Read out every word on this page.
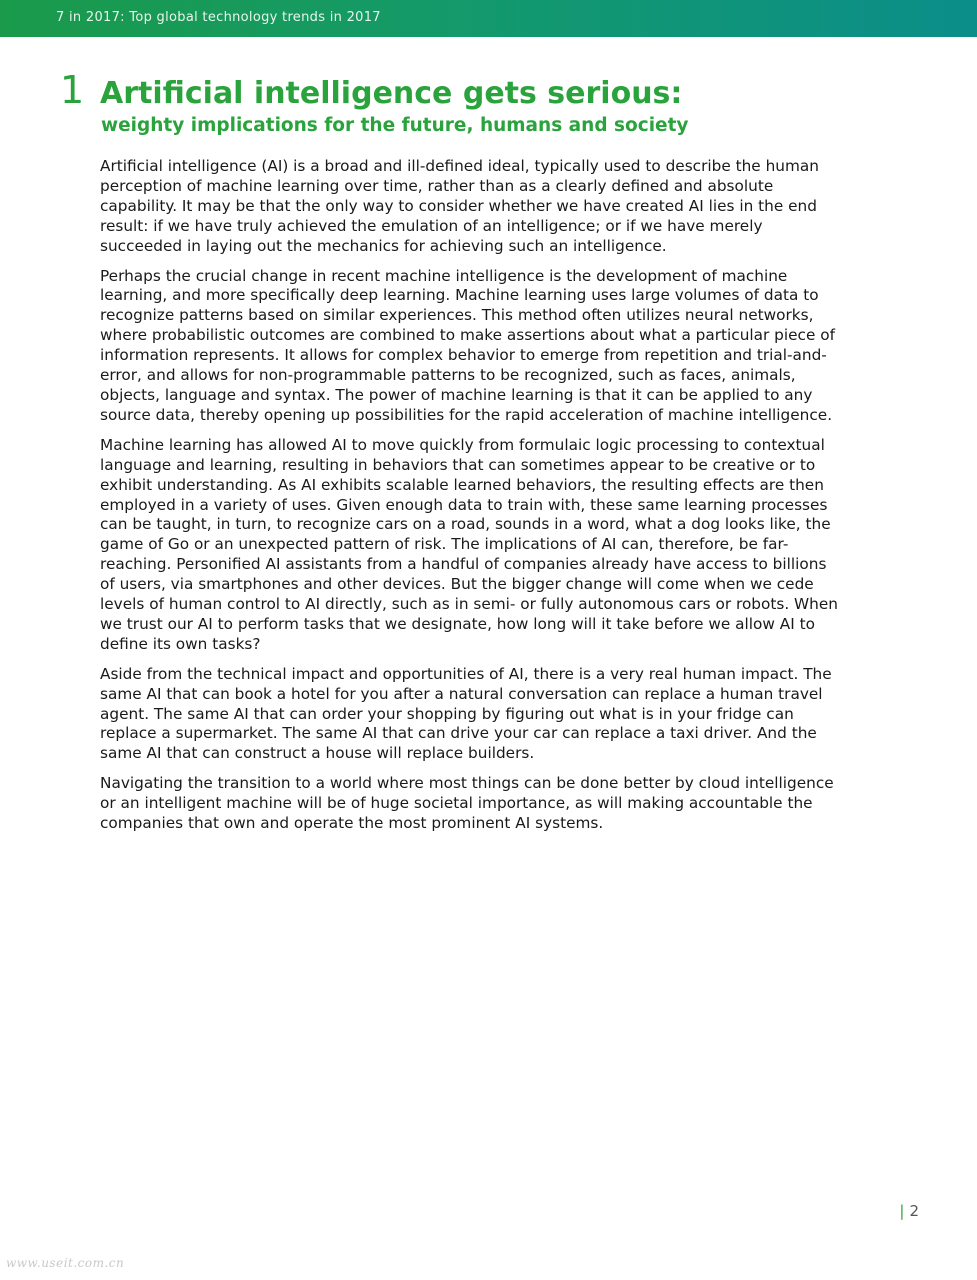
7 in 2017: Top global technology trends in 2017
1 Artificial intelligence gets serious:
weighty implications for the future, humans and society

Artificial intelligence (AI) is a broad and ill-defined ideal, typically used to describe the human perception of machine learning over time, rather than as a clearly defined and absolute capability. It may be that the only way to consider whether we have created AI lies in the end result: if we have truly achieved the emulation of an intelligence; or if we have merely succeeded in laying out the mechanics for achieving such an intelligence.

Perhaps the crucial change in recent machine intelligence is the development of machine learning, and more specifically deep learning. Machine learning uses large volumes of data to recognize patterns based on similar experiences. This method often utilizes neural networks, where probabilistic outcomes are combined to make assertions about what a particular piece of information represents. It allows for complex behavior to emerge from repetition and trial-and-error, and allows for non-programmable patterns to be recognized, such as faces, animals, objects, language and syntax. The power of machine learning is that it can be applied to any source data, thereby opening up possibilities for the rapid acceleration of machine intelligence.

Machine learning has allowed AI to move quickly from formulaic logic processing to contextual language and learning, resulting in behaviors that can sometimes appear to be creative or to exhibit understanding. As AI exhibits scalable learned behaviors, the resulting effects are then employed in a variety of uses. Given enough data to train with, these same learning processes can be taught, in turn, to recognize cars on a road, sounds in a word, what a dog looks like, the game of Go or an unexpected pattern of risk. The implications of AI can, therefore, be far-reaching. Personified AI assistants from a handful of companies already have access to billions of users, via smartphones and other devices. But the bigger change will come when we cede levels of human control to AI directly, such as in semi- or fully autonomous cars or robots. When we trust our AI to perform tasks that we designate, how long will it take before we allow AI to define its own tasks?

Aside from the technical impact and opportunities of AI, there is a very real human impact. The same AI that can book a hotel for you after a natural conversation can replace a human travel agent. The same AI that can order your shopping by figuring out what is in your fridge can replace a supermarket. The same AI that can drive your car can replace a taxi driver. And the same AI that can construct a house will replace builders.

Navigating the transition to a world where most things can be done better by cloud intelligence or an intelligent machine will be of huge societal importance, as will making accountable the companies that own and operate the most prominent AI systems.

| 2
www.useit.com.cn
